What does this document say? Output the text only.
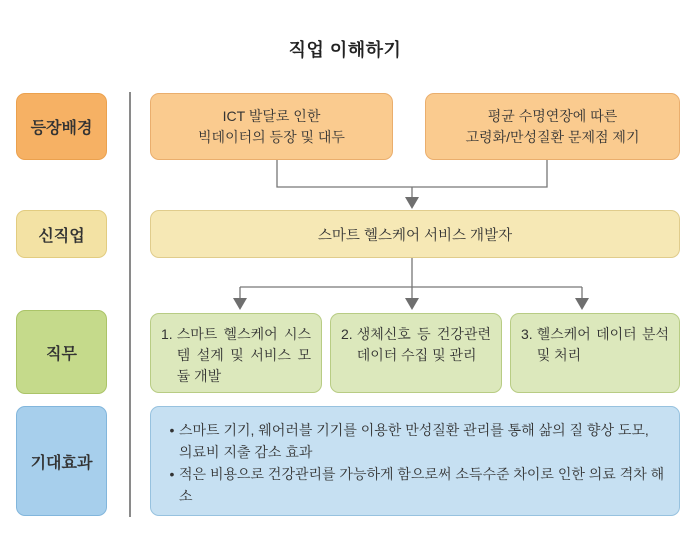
직업 이해하기
등장배경
신직업
직무
기대효과
ICT 발달로 인한
빅데이터의 등장 및 대두
평균 수명연장에 따른
고령화/만성질환 문제점 제기
스마트 헬스케어 서비스 개발자
1. 스마트 헬스케어 시스템 설계 및 서비스 모듈 개발
2. 생체신호 등 건강관련 데이터 수집 및 관리
3. 헬스케어 데이터 분석 및 처리
• 스마트 기기, 웨어러블 기기를 이용한 만성질환 관리를 통해 삶의 질 향상 도모, 의료비 지출 감소 효과
• 적은 비용으로 건강관리를 가능하게 함으로써 소득수준 차이로 인한 의료 격차 해소
